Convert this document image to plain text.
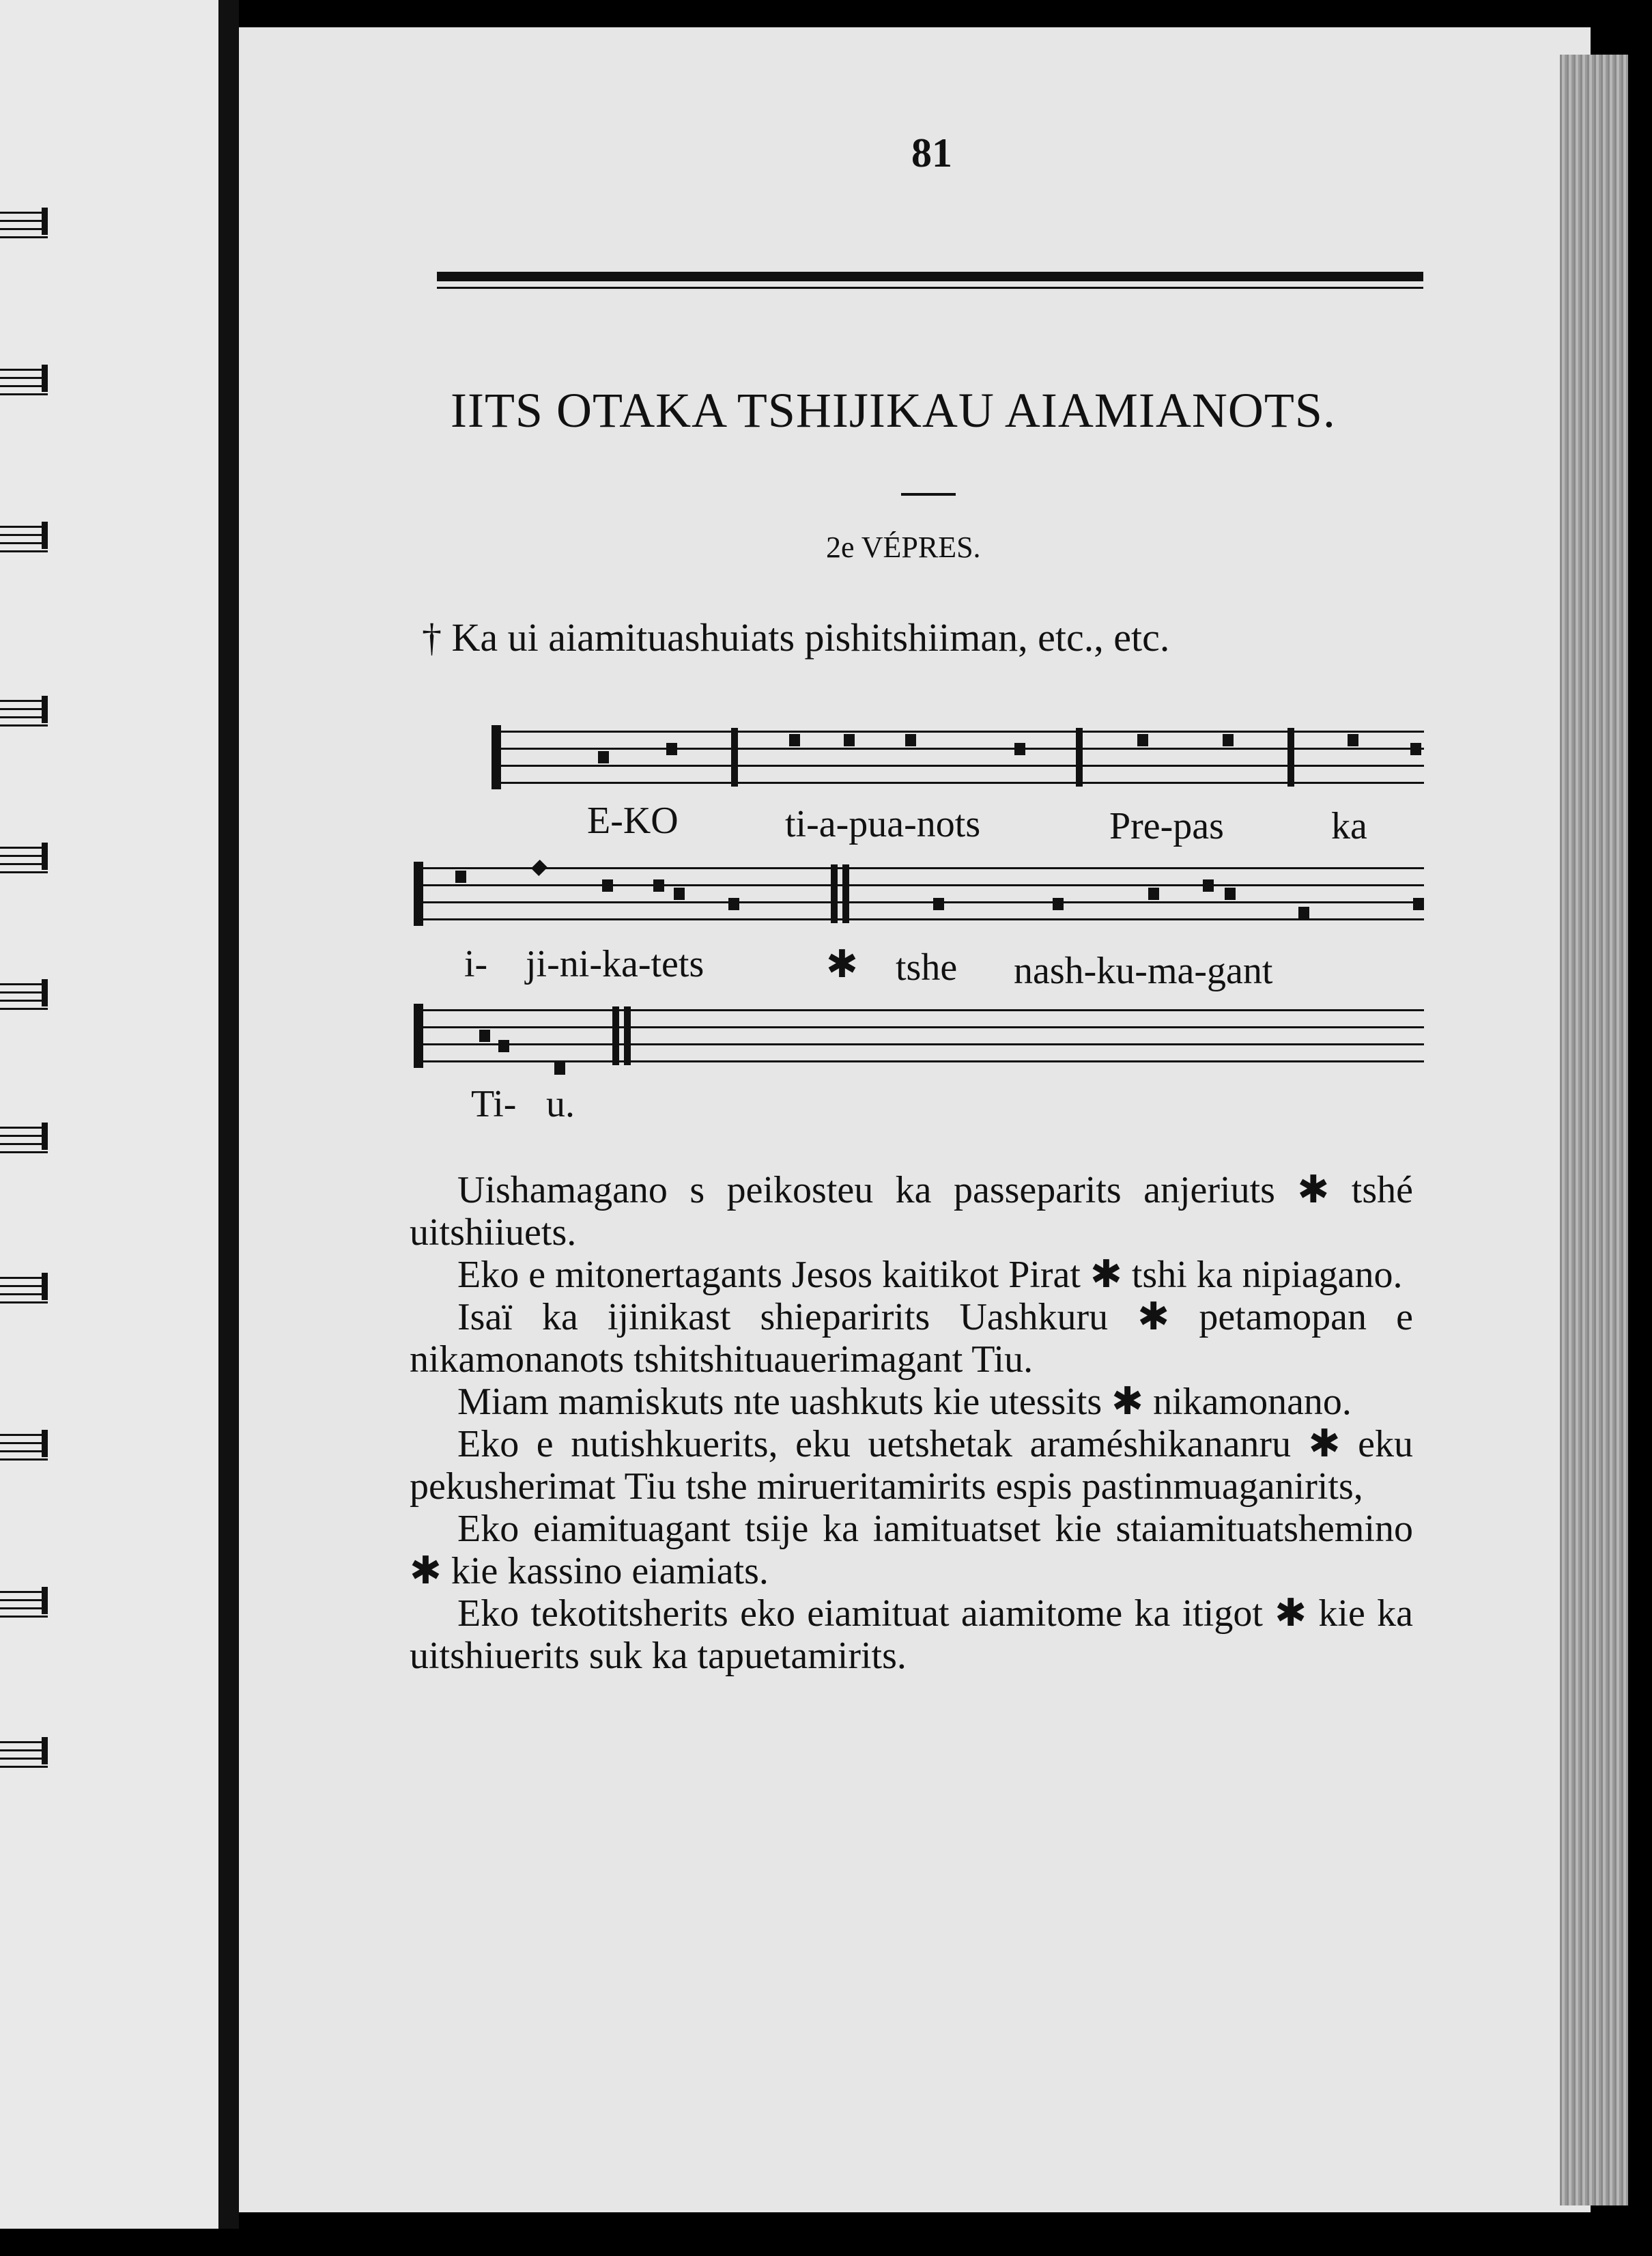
81
IITS OTAKA TSHIJIKAU AIAMIANOTS.
2e VÉPRES.
† Ka ui aiamituashuiats pishitshiiman, etc., etc.
E-KO	ti-a-pua-nots	Pre-pas	ka
i- ji-ni-ka-tets	✱ tshe nash-ku-ma-gant
Ti- u.

Uishamagano s peikosteu ka passeparits anjeriuts ✱ tshé uitshiiuets.

Eko e mitonertagants Jesos kaitikot Pirat ✱ tshi ka nipiagano.

Isaï ka ijinikast shieparirits Uashkuru ✱ petamopan e nikamonanots tshitshituauerimagant Tiu.

Miam mamiskuts nte uashkuts kie utessits ✱ nikamonano.

Eko e nutishkuerits, eku uetshetak araméshikananru ✱ eku pekusherimat Tiu tshe mirueritamirits espis pastinmuaganirits,

Eko eiamituagant tsije ka iamituatset kie staiamituatshemino ✱ kie kassino eiamiats.

Eko tekotitsherits eko eiamituat aiamitome ka itigot ✱ kie ka uitshiuerits suk ka tapuetamirits.
